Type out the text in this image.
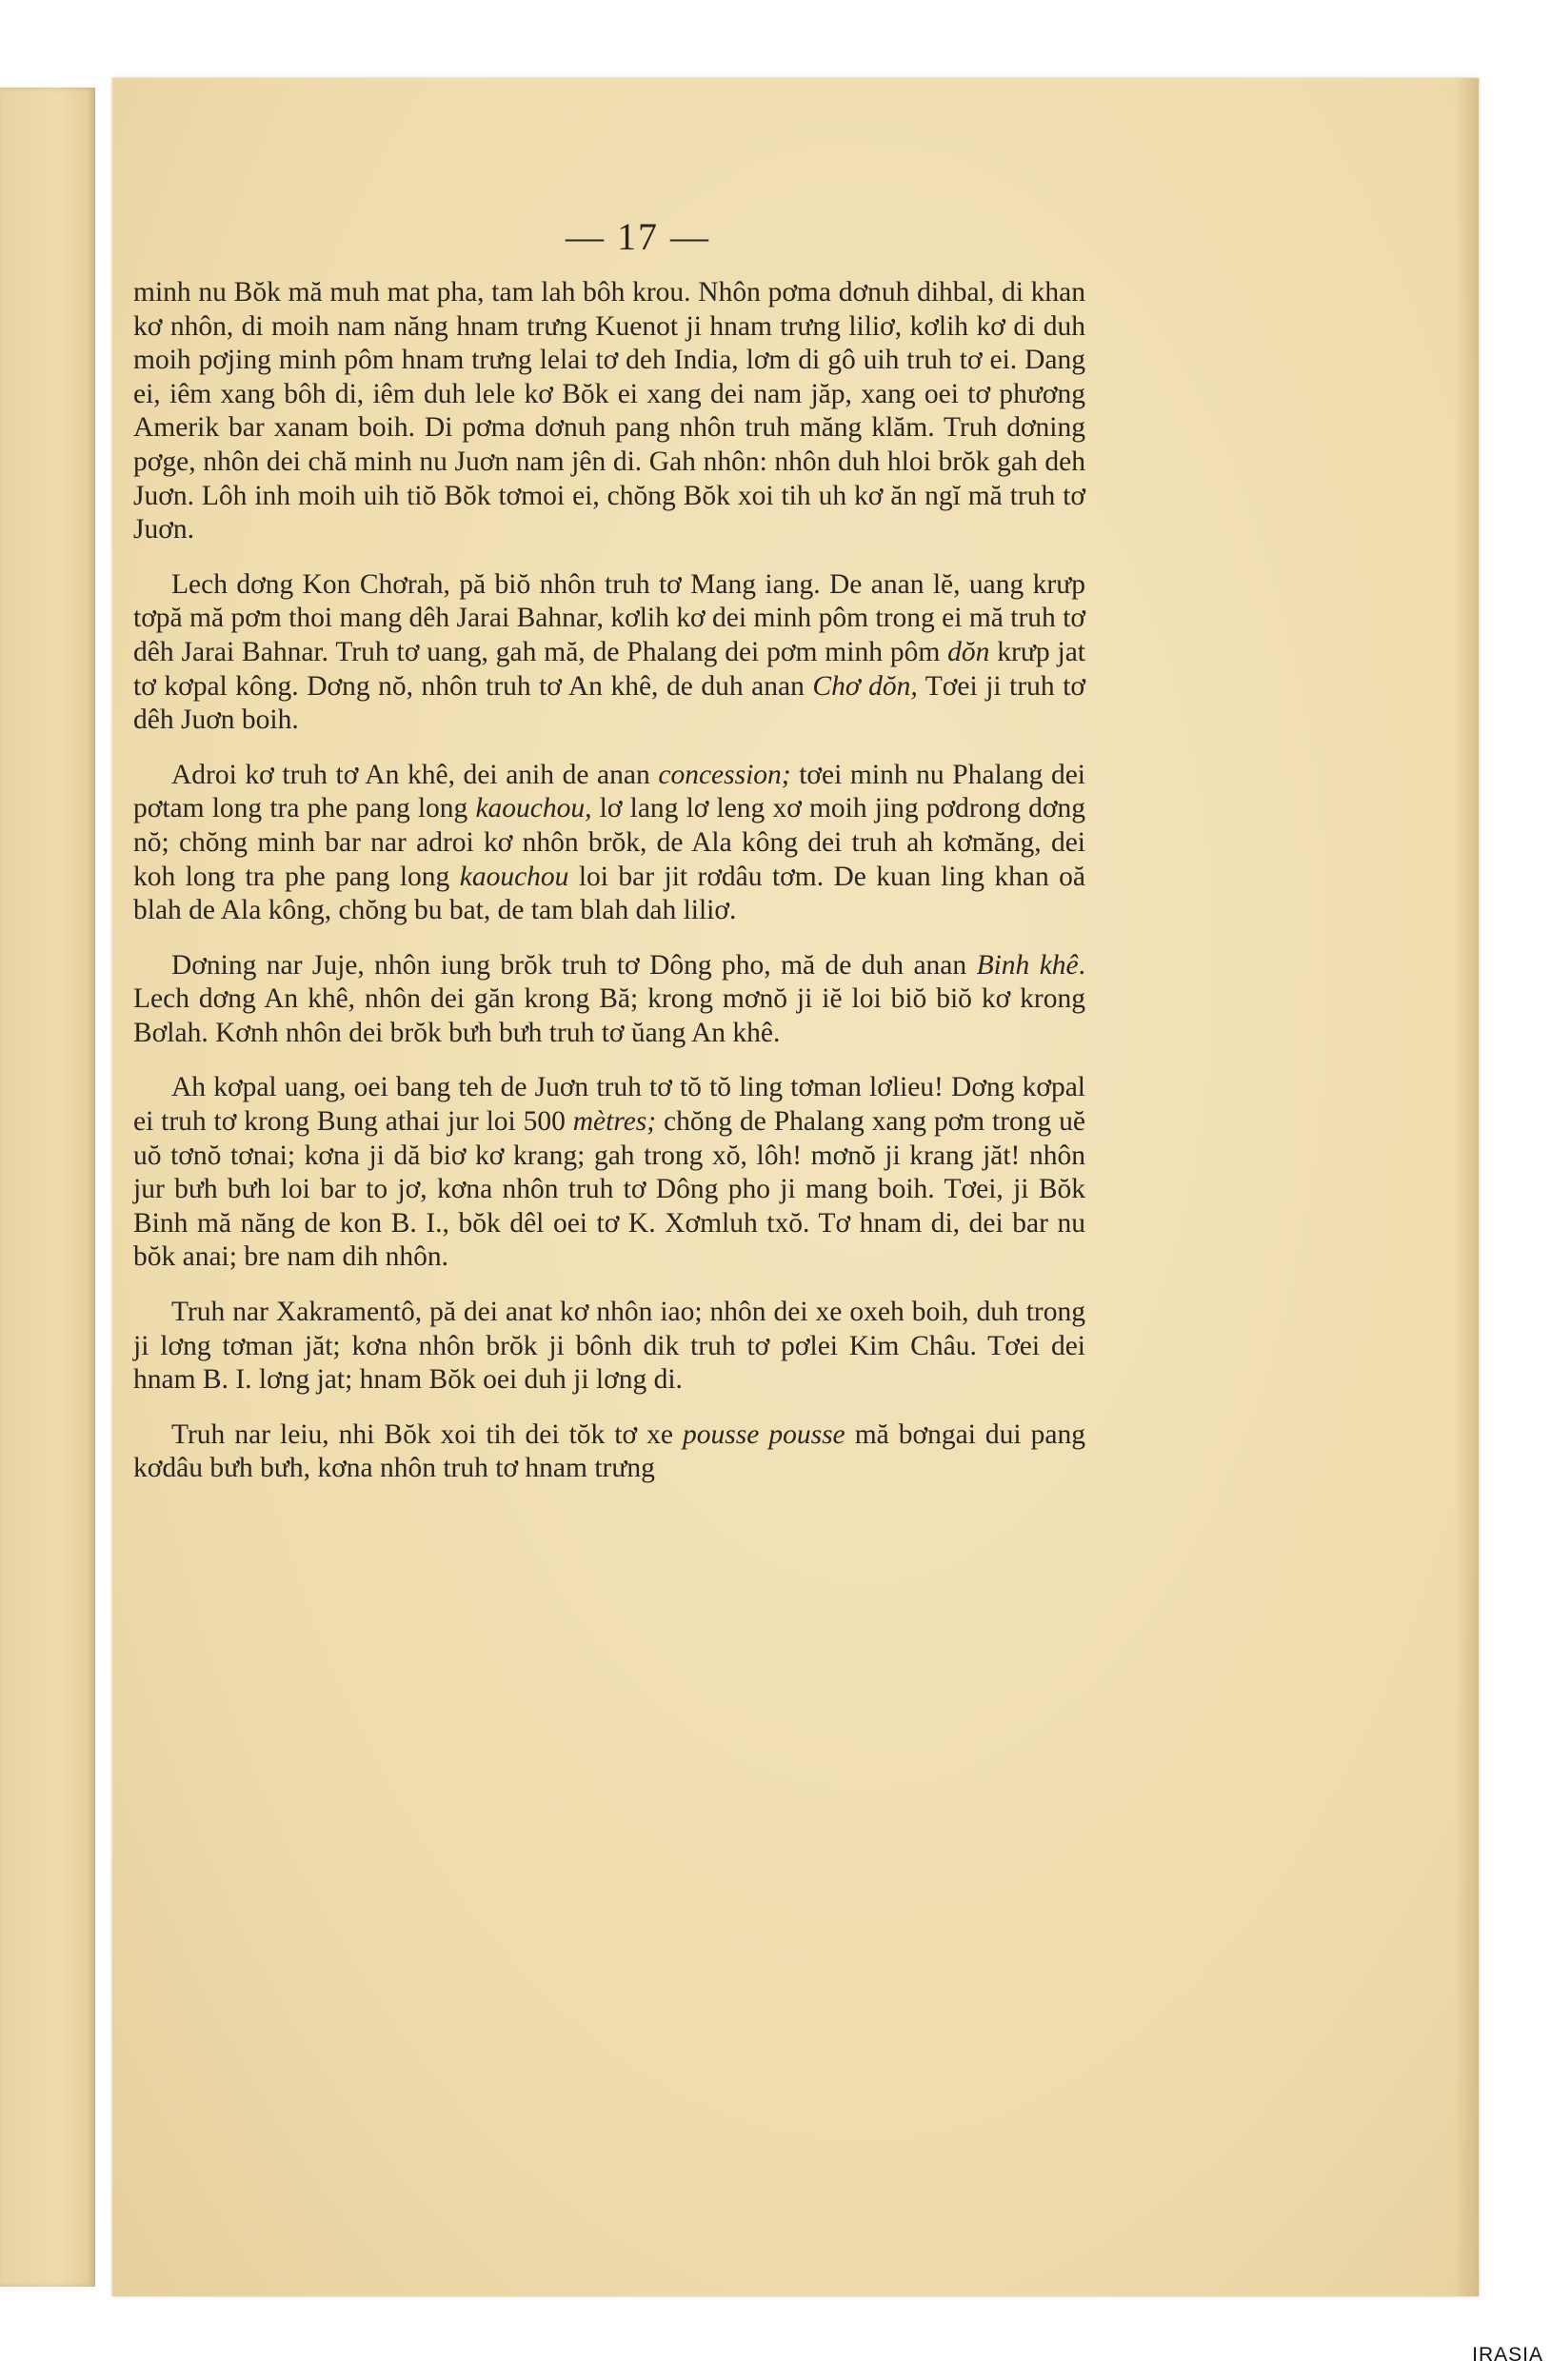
— 17 —

minh nu Bŏk mă muh mat pha, tam lah bôh krou. Nhôn pơma dơnuh dihbal, di khan kơ nhôn, di moih nam năng hnam trưng Kuenot ji hnam trưng liliơ, kơlih kơ di duh moih pơjing minh pôm hnam trưng lelai tơ deh India, lơm di gô uih truh tơ ei. Dang ei, iêm xang bôh di, iêm duh lele kơ Bŏk ei xang dei nam jăp, xang oei tơ phương Amerik bar xanam boih. Di pơma dơnuh pang nhôn truh măng klăm. Truh dơning pơge, nhôn dei chă minh nu Juơn nam jên di. Gah nhôn: nhôn duh hloi brŏk gah deh Juơn. Lôh inh moih uih tiŏ Bŏk tơmoi ei, chŏng Bŏk xoi tih uh kơ ăn ngĭ mă truh tơ Juơn.

Lech dơng Kon Chơrah, pă biŏ nhôn truh tơ Mang iang. De anan lĕ, uang krưp tơpă mă pơm thoi mang dêh Jarai Bahnar, kơlih kơ dei minh pôm trong ei mă truh tơ dêh Jarai Bahnar. Truh tơ uang, gah mă, de Phalang dei pơm minh pôm dŏn krưp jat tơ kơpal kông. Dơng nŏ, nhôn truh tơ An khê, de duh anan Chơ dŏn, Tơei ji truh tơ dêh Juơn boih.

Adroi kơ truh tơ An khê, dei anih de anan concession; tơei minh nu Phalang dei pơtam long tra phe pang long kaouchou, lơ lang lơ leng xơ moih jing pơdrong dơng nŏ; chŏng minh bar nar adroi kơ nhôn brŏk, de Ala kông dei truh ah kơmăng, dei koh long tra phe pang long kaouchou loi bar jit rơdâu tơm. De kuan ling khan oă blah de Ala kông, chŏng bu bat, de tam blah dah liliơ.

Dơning nar Juje, nhôn iung brŏk truh tơ Dông pho, mă de duh anan Binh khê. Lech dơng An khê, nhôn dei găn krong Bă; krong mơnŏ ji iĕ loi biŏ biŏ kơ krong Bơlah. Kơnh nhôn dei brŏk bưh bưh truh tơ ŭang An khê.

Ah kơpal uang, oei bang teh de Juơn truh tơ tŏ tŏ ling tơman lơlieu! Dơng kơpal ei truh tơ krong Bung athai jur loi 500 mètres; chŏng de Phalang xang pơm trong uĕ uŏ tơnŏ tơnai; kơna ji dă biơ kơ krang; gah trong xŏ, lôh! mơnŏ ji krang jăt! nhôn jur bưh bưh loi bar to jơ, kơna nhôn truh tơ Dông pho ji mang boih. Tơei, ji Bŏk Binh mă năng de kon B. I., bŏk dêl oei tơ K. Xơmluh txŏ. Tơ hnam di, dei bar nu bŏk anai; bre nam dih nhôn.

Truh nar Xakramentô, pă dei anat kơ nhôn iao; nhôn dei xe oxeh boih, duh trong ji lơng tơman jăt; kơna nhôn brŏk ji bônh dik truh tơ pơlei Kim Châu. Tơei dei hnam B. I. lơng jat; hnam Bŏk oei duh ji lơng di.

Truh nar leiu, nhi Bŏk xoi tih dei tŏk tơ xe pousse pousse mă bơngai dui pang kơdâu bưh bưh, kơna nhôn truh tơ hnam trưng

IRASIA
